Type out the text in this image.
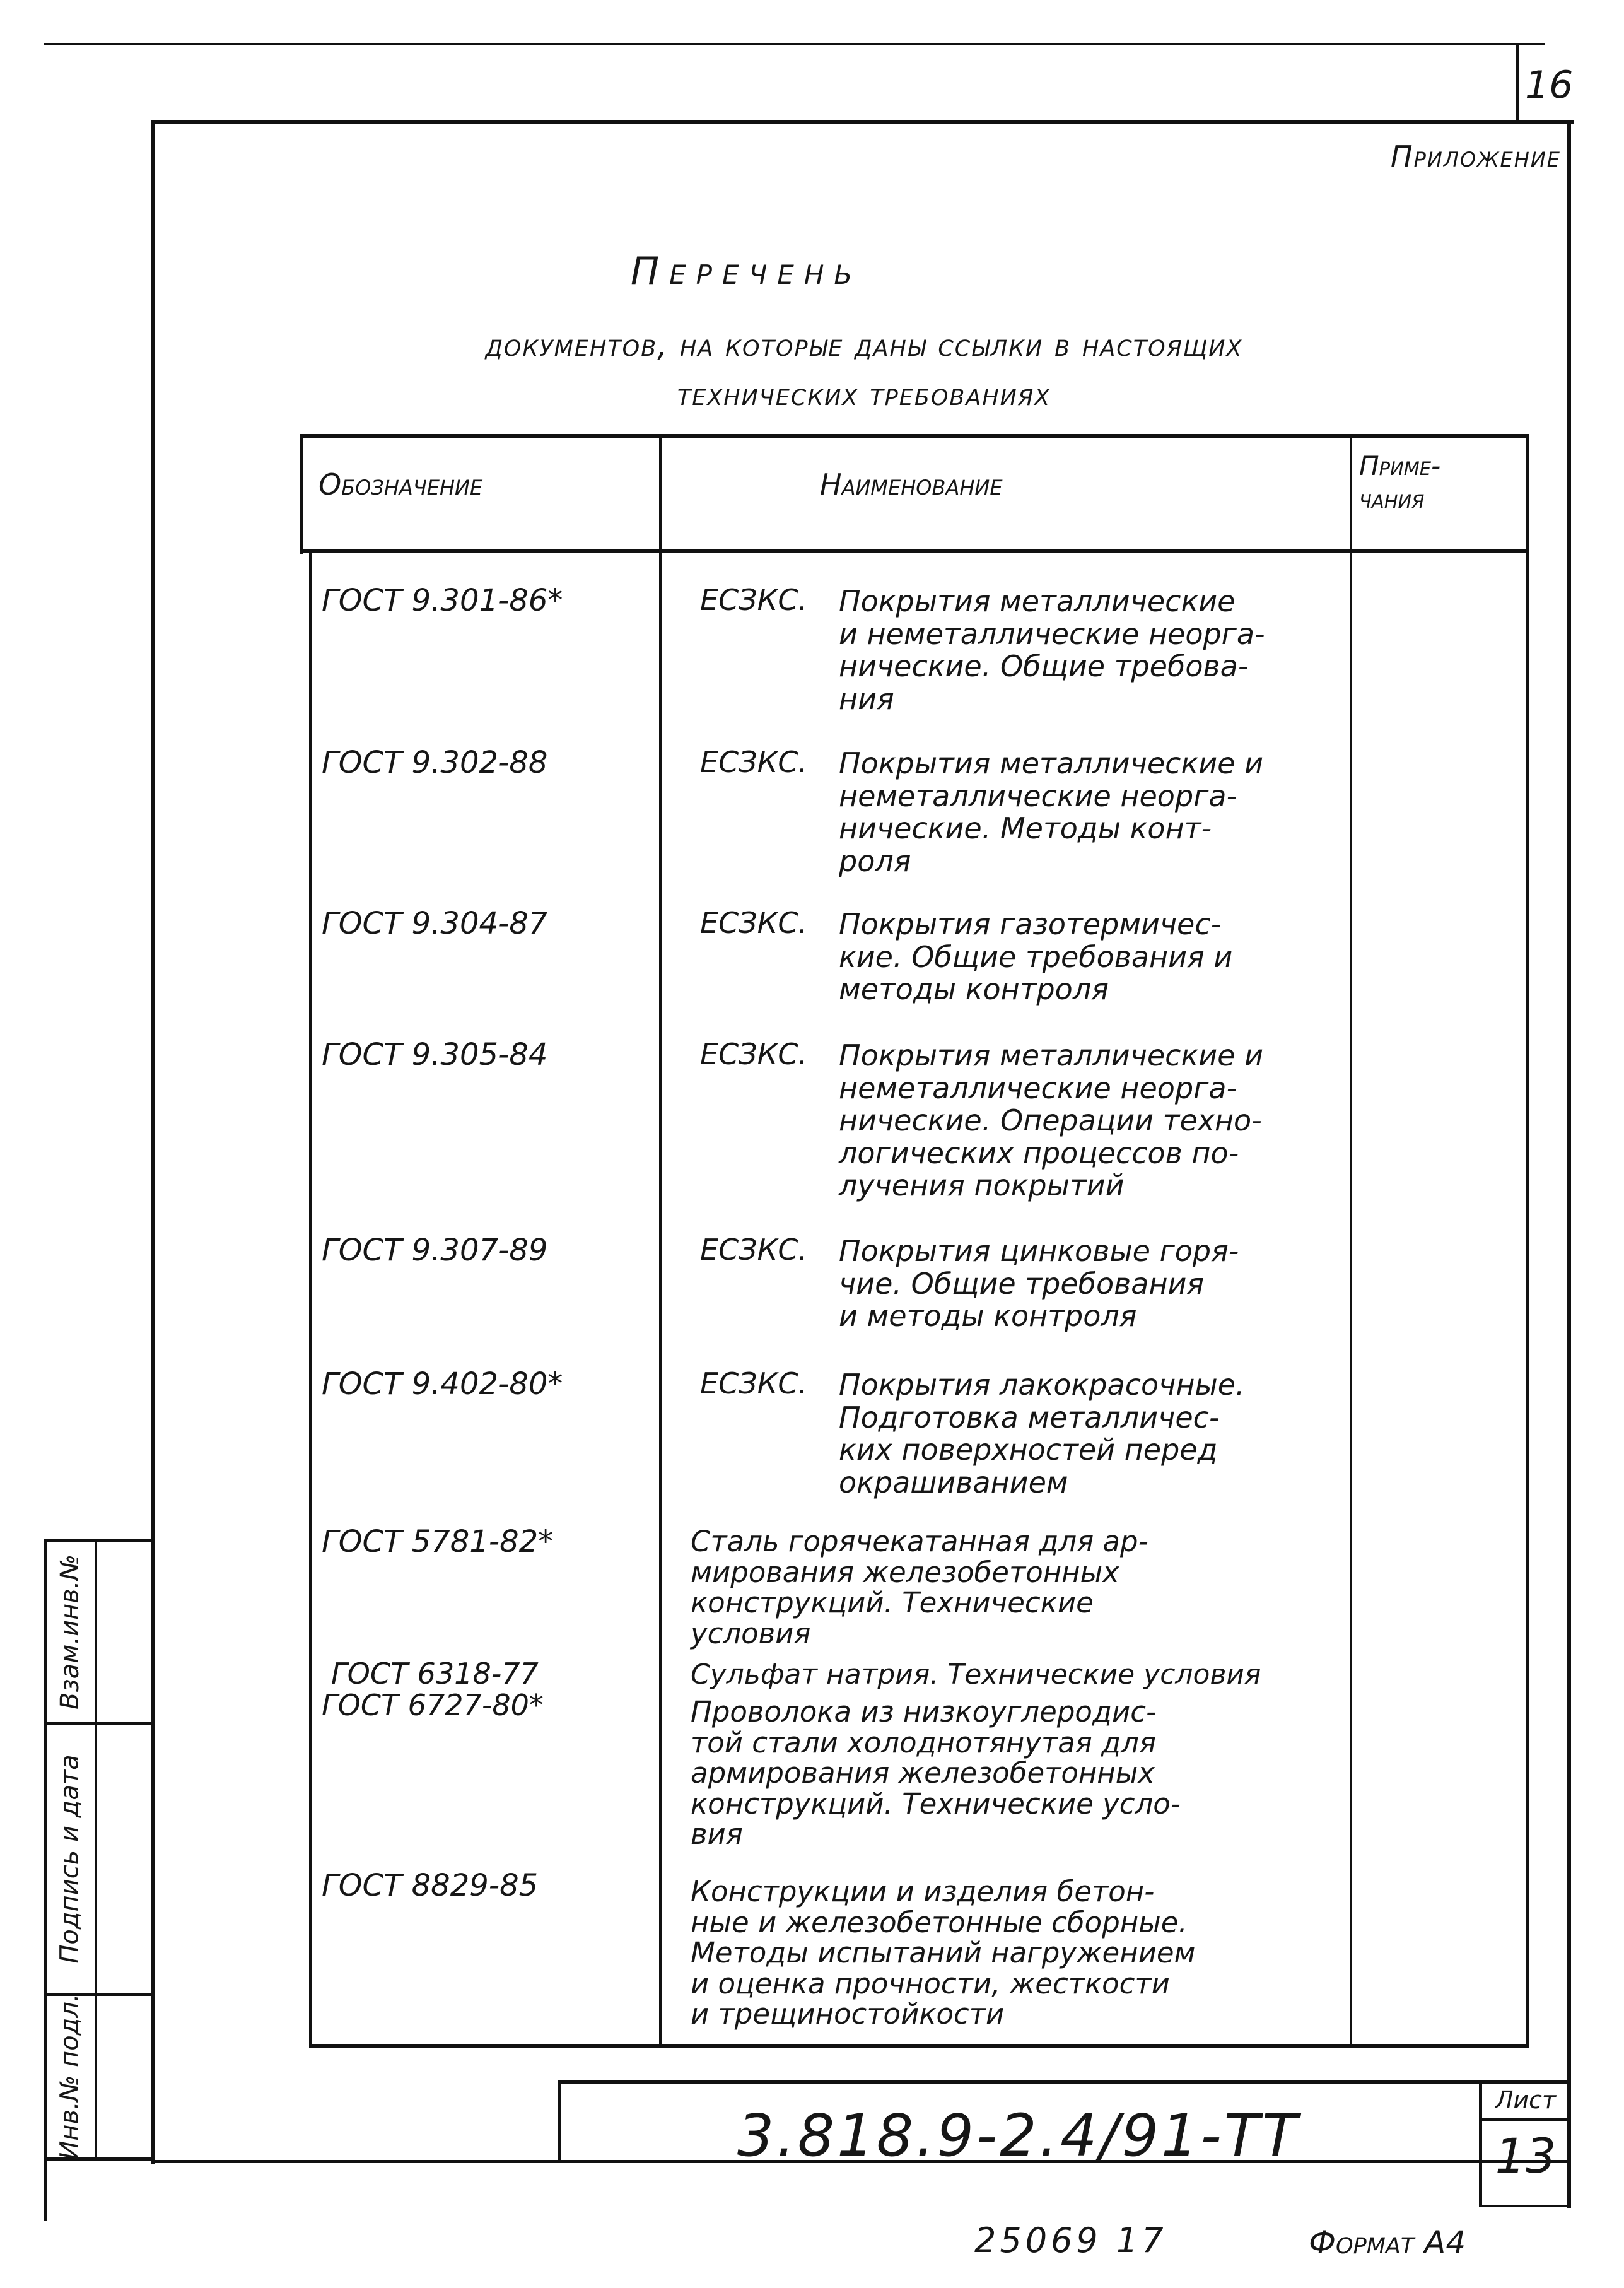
16
Приложение
Перечень
документов, на которые даны ссылки в настоящих
технических требованиях
Обозначение	Наименование
Приме-
чания
ГОСТ 9.301-86*	ЕСЗКС. Покрытия металлические
и неметаллические неорга-
нические. Общие требова-
ния
ГОСТ 9.302-88	ЕСЗКС. Покрытия металлические и
неметаллические неорга-
нические. Методы конт-
роля
ГОСТ 9.304-87	ЕСЗКС. Покрытия газотермичес-
кие. Общие требования и
методы контроля
ГОСТ 9.305-84	ЕСЗКС. Покрытия металлические и
неметаллические неорга-
нические. Операции техно-
логических процессов по-
лучения покрытий
ГОСТ 9.307-89	ЕСЗКС. Покрытия цинковые горя-
чие. Общие требования
и методы контроля
ГОСТ 9.402-80*	ЕСЗКС. Покрытия лакокрасочные.
Подготовка металличес-
ких поверхностей перед
окрашиванием
ГОСТ 5781-82*	Сталь горячекатанная для ар-
мирования железобетонных
конструкций. Технические
условия
ГОСТ 6318-77	Сульфат натрия. Технические условия
ГОСТ 6727-80*	Проволока из низкоуглеродис-
той стали холоднотянутая для
армирования железобетонных
конструкций. Технические усло-
вия
ГОСТ 8829-85	Конструкции и изделия бетон-
ные и железобетонные сборные.
Методы испытаний нагружением
и оценка прочности, жесткости
и трещиностойкости
3.818.9-2.4/91-ТТ
Лист
13
Взам.инв.№
Подпись и дата
Инв.№ подл.
25069 17	Формат А4
